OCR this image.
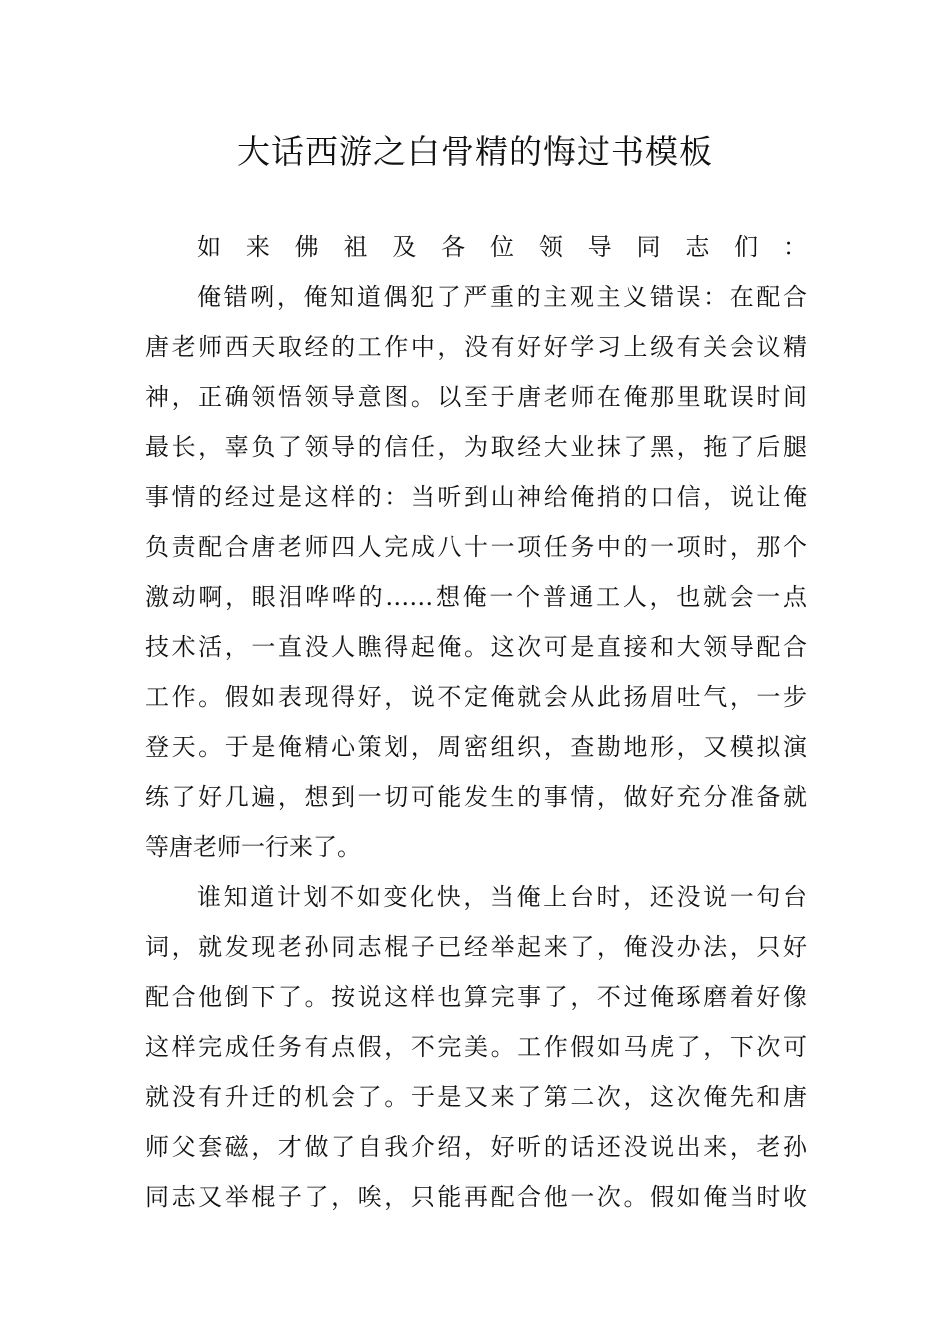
大话西游之白骨精的悔过书模板
如来佛祖及各位领导同志们：
俺错咧，俺知道偶犯了严重的主观主义错误：在配合
唐老师西天取经的工作中，没有好好学习上级有关会议精
神，正确领悟领导意图。以至于唐老师在俺那里耽误时间
最长，辜负了领导的信任，为取经大业抹了黑，拖了后腿
事情的经过是这样的：当听到山神给俺捎的口信，说让俺
负责配合唐老师四人完成八十一项任务中的一项时，那个
激动啊，眼泪哗哗的……想俺一个普通工人，也就会一点
技术活，一直没人瞧得起俺。这次可是直接和大领导配合
工作。假如表现得好，说不定俺就会从此扬眉吐气，一步
登天。于是俺精心策划，周密组织，查勘地形，又模拟演
练了好几遍，想到一切可能发生的事情，做好充分准备就
等唐老师一行来了。
谁知道计划不如变化快，当俺上台时，还没说一句台
词，就发现老孙同志棍子已经举起来了，俺没办法，只好
配合他倒下了。按说这样也算完事了，不过俺琢磨着好像
这样完成任务有点假，不完美。工作假如马虎了，下次可
就没有升迁的机会了。于是又来了第二次，这次俺先和唐
师父套磁，才做了自我介绍，好听的话还没说出来，老孙
同志又举棍子了，唉，只能再配合他一次。假如俺当时收
